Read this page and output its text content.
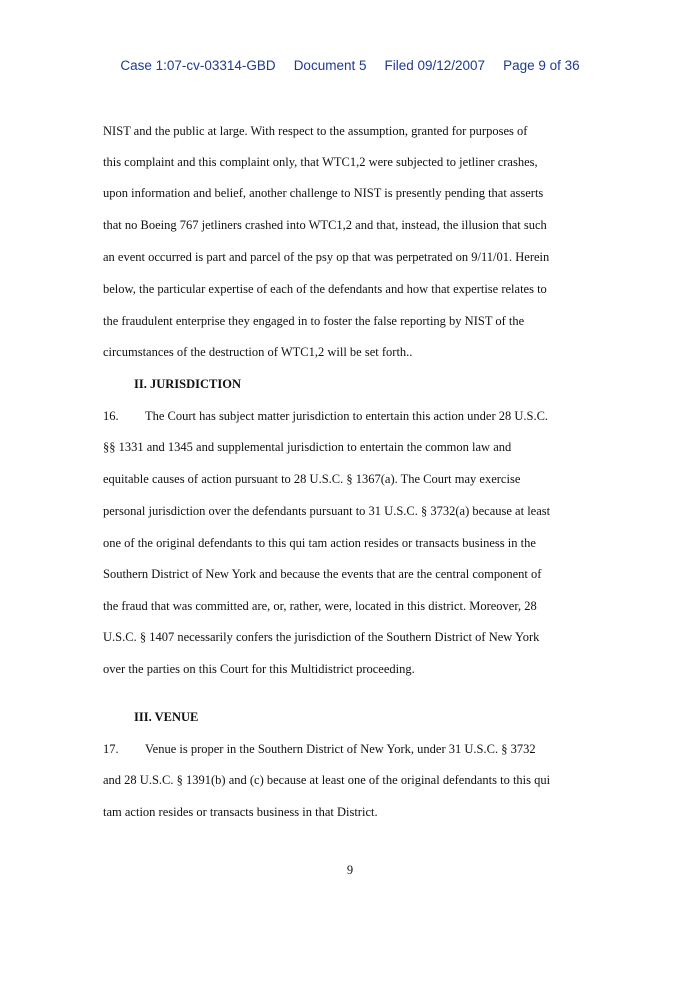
Case 1:07-cv-03314-GBD Document 5 Filed 09/12/2007 Page 9 of 36
NIST and the public at large. With respect to the assumption, granted for purposes of
this complaint and this complaint only, that WTC1,2 were subjected to jetliner crashes,
upon information and belief, another challenge to NIST is presently pending that asserts
that no Boeing 767 jetliners crashed into WTC1,2 and that, instead, the illusion that such
an event occurred is part and parcel of the psy op that was perpetrated on 9/11/01. Herein
below, the particular expertise of each of the defendants and how that expertise relates to
the fraudulent enterprise they engaged in to foster the false reporting by NIST of the
circumstances of the destruction of WTC1,2 will be set forth..
II. JURISDICTION
16. The Court has subject matter jurisdiction to entertain this action under 28 U.S.C.
§§ 1331 and 1345 and supplemental jurisdiction to entertain the common law and
equitable causes of action pursuant to 28 U.S.C. § 1367(a). The Court may exercise
personal jurisdiction over the defendants pursuant to 31 U.S.C. § 3732(a) because at least
one of the original defendants to this qui tam action resides or transacts business in the
Southern District of New York and because the events that are the central component of
the fraud that was committed are, or, rather, were, located in this district. Moreover, 28
U.S.C. § 1407 necessarily confers the jurisdiction of the Southern District of New York
over the parties on this Court for this Multidistrict proceeding.
III. VENUE
17. Venue is proper in the Southern District of New York, under 31 U.S.C. § 3732
and 28 U.S.C. § 1391(b) and (c) because at least one of the original defendants to this qui
tam action resides or transacts business in that District.
9
